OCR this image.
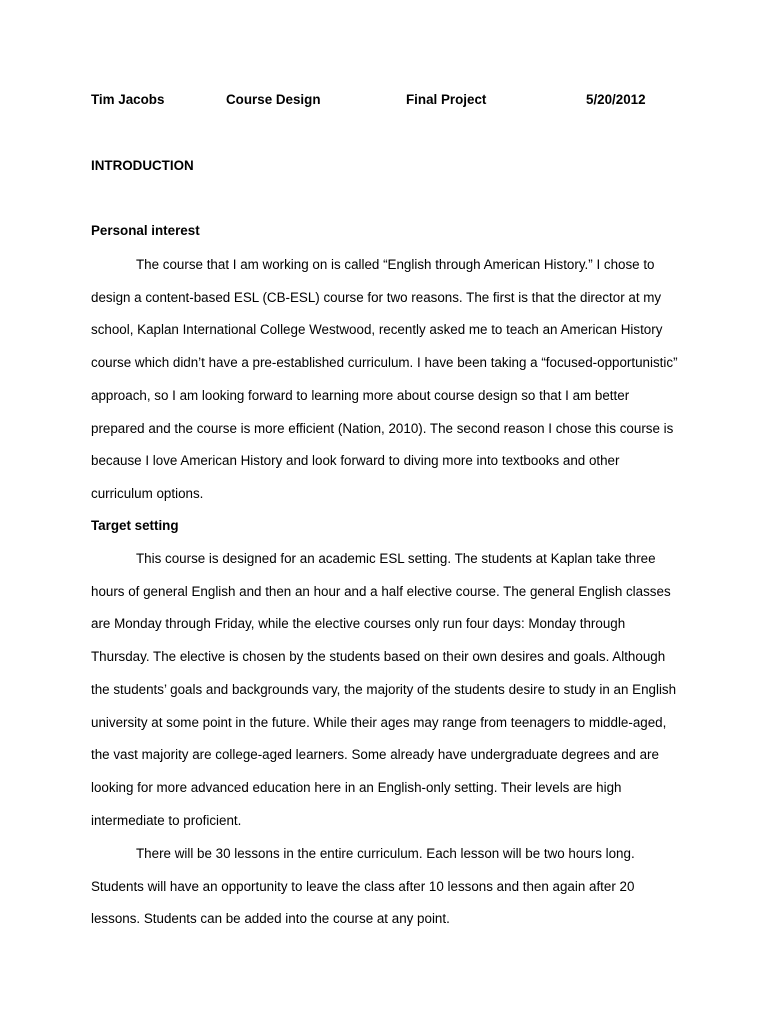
Tim Jacobs	Course Design	Final Project	5/20/2012
INTRODUCTION
Personal interest

The course that I am working on is called “English through American History.” I chose to design a content-based ESL (CB-ESL) course for two reasons. The first is that the director at my school, Kaplan International College Westwood, recently asked me to teach an American History course which didn’t have a pre-established curriculum. I have been taking a “focused-opportunistic” approach, so I am looking forward to learning more about course design so that I am better prepared and the course is more efficient (Nation, 2010). The second reason I chose this course is because I love American History and look forward to diving more into textbooks and other curriculum options.

Target setting

This course is designed for an academic ESL setting. The students at Kaplan take three hours of general English and then an hour and a half elective course. The general English classes are Monday through Friday, while the elective courses only run four days: Monday through Thursday. The elective is chosen by the students based on their own desires and goals. Although the students’ goals and backgrounds vary, the majority of the students desire to study in an English university at some point in the future. While their ages may range from teenagers to middle-aged, the vast majority are college-aged learners. Some already have undergraduate degrees and are looking for more advanced education here in an English-only setting. Their levels are high intermediate to proficient.

There will be 30 lessons in the entire curriculum. Each lesson will be two hours long. Students will have an opportunity to leave the class after 10 lessons and then again after 20 lessons. Students can be added into the course at any point.
